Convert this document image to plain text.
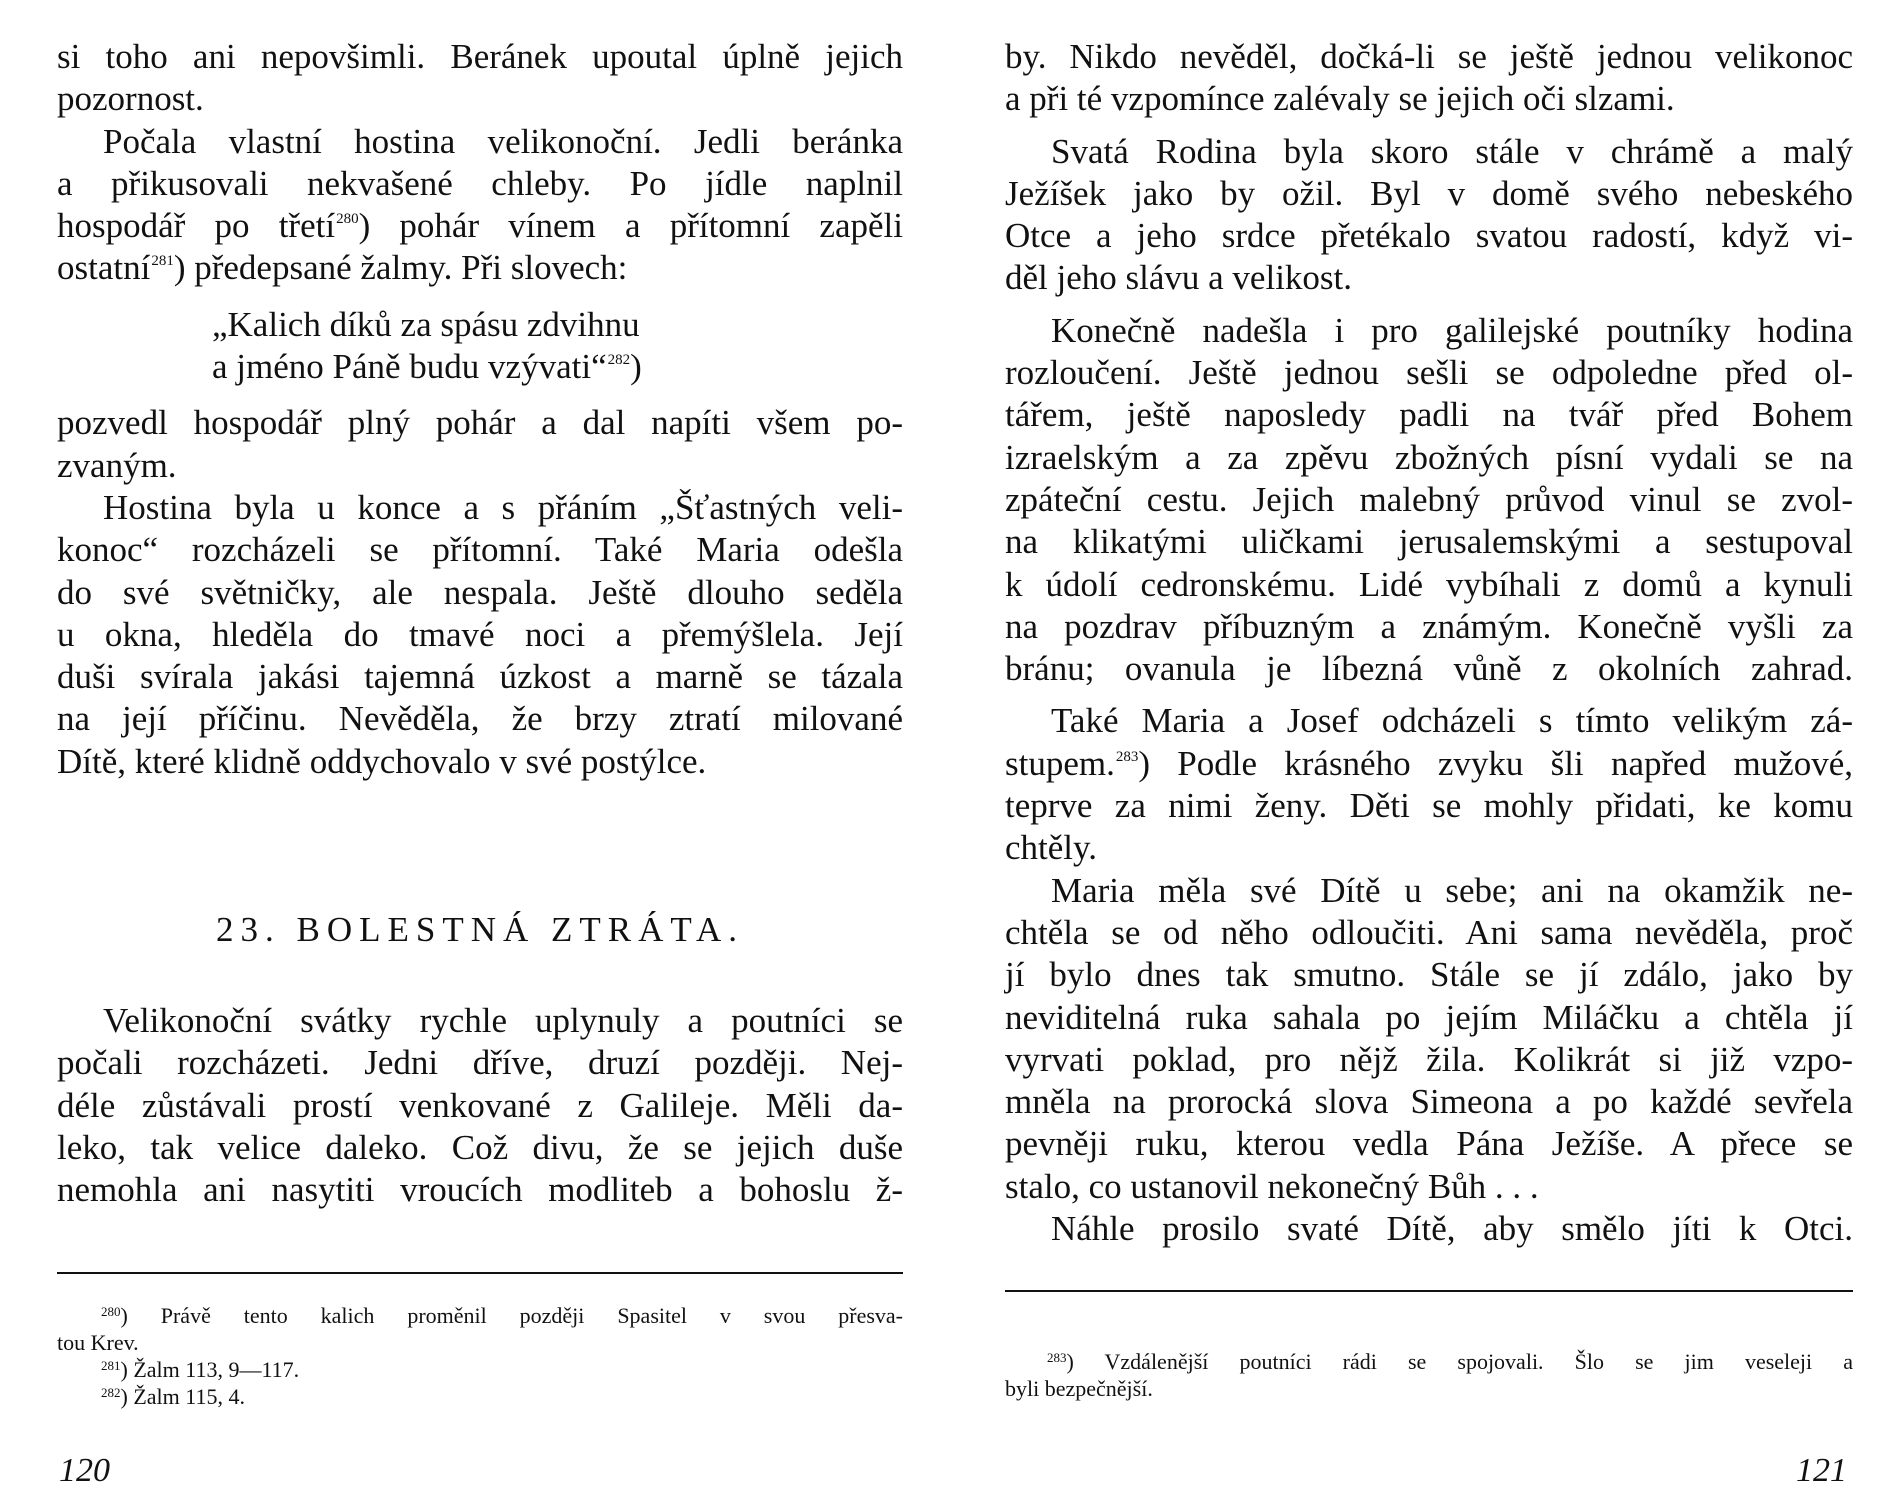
si toho ani nepovšimli. Beránek upoutal úplně jejich
pozornost.

Počala vlastní hostina velikonoční. Jedli beránka
a přikusovali nekvašené chleby. Po jídle naplnil
hospodář po třetí$^{280}$) pohár vínem a přítomní zapěli
ostatní$^{281}$) předepsané žalmy. Při slovech:

„Kalich díků za spásu zdvihnu
a jméno Páně budu vzývati“$^{282}$)

pozvedl hospodář plný pohár a dal napíti všem po-
zvaným.

Hostina byla u konce a s přáním „Šťastných veli-
konoc“ rozcházeli se přítomní. Také Maria odešla
do své světničky, ale nespala. Ještě dlouho seděla
u okna, hleděla do tmavé noci a přemýšlela. Její
duši svírala jakási tajemná úzkost a marně se tázala
na její příčinu. Nevěděla, že brzy ztratí milované
Dítě, které klidně oddychovalo v své postýlce.

23. BOLESTNÁ ZTRÁTA.

Velikonoční svátky rychle uplynuly a poutníci se
počali rozcházeti. Jedni dříve, druzí později. Nej-
déle zůstávali prostí venkované z Galileje. Měli da-
leko, tak velice daleko. Což divu, že se jejich duše
nemohla ani nasytiti vroucích modliteb a bohoslu ž-

$^{280}$) Právě tento kalich proměnil později Spasitel v svou přesva-
tou Krev.
$^{281}$) Žalm 113, 9—117.
$^{282}$) Žalm 115, 4.
120

by. Nikdo nevěděl, dočká-li se ještě jednou velikonoc
a při té vzpomínce zalévaly se jejich oči slzami.

Svatá Rodina byla skoro stále v chrámě a malý
Ježíšek jako by ožil. Byl v domě svého nebeského
Otce a jeho srdce přetékalo svatou radostí, když vi-
děl jeho slávu a velikost.

Konečně nadešla i pro galilejské poutníky hodina
rozloučení. Ještě jednou sešli se odpoledne před ol-
tářem, ještě naposledy padli na tvář před Bohem
izraelským a za zpěvu zbožných písní vydali se na
zpáteční cestu. Jejich malebný průvod vinul se zvol-
na klikatými uličkami jerusalemskými a sestupoval
k údolí cedronskému. Lidé vybíhali z domů a kynuli
na pozdrav příbuzným a známým. Konečně vyšli za
bránu; ovanula je líbezná vůně z okolních zahrad.

Také Maria a Josef odcházeli s tímto velikým zá-
stupem.$^{283}$) Podle krásného zvyku šli napřed mužové,
teprve za nimi ženy. Děti se mohly přidati, ke komu
chtěly.

Maria měla své Dítě u sebe; ani na okamžik ne-
chtěla se od něho odloučiti. Ani sama nevěděla, proč
jí bylo dnes tak smutno. Stále se jí zdálo, jako by
neviditelná ruka sahala po jejím Miláčku a chtěla jí
vyrvati poklad, pro nějž žila. Kolikrát si již vzpo-
mněla na prorocká slova Simeona a po každé sevřela
pevněji ruku, kterou vedla Pána Ježíše. A přece se
stalo, co ustanovil nekonečný Bůh . . .

Náhle prosilo svaté Dítě, aby smělo jíti k Otci.

$^{283}$) Vzdálenější poutníci rádi se spojovali. Šlo se jim veseleji a
byli bezpečnější.
121
